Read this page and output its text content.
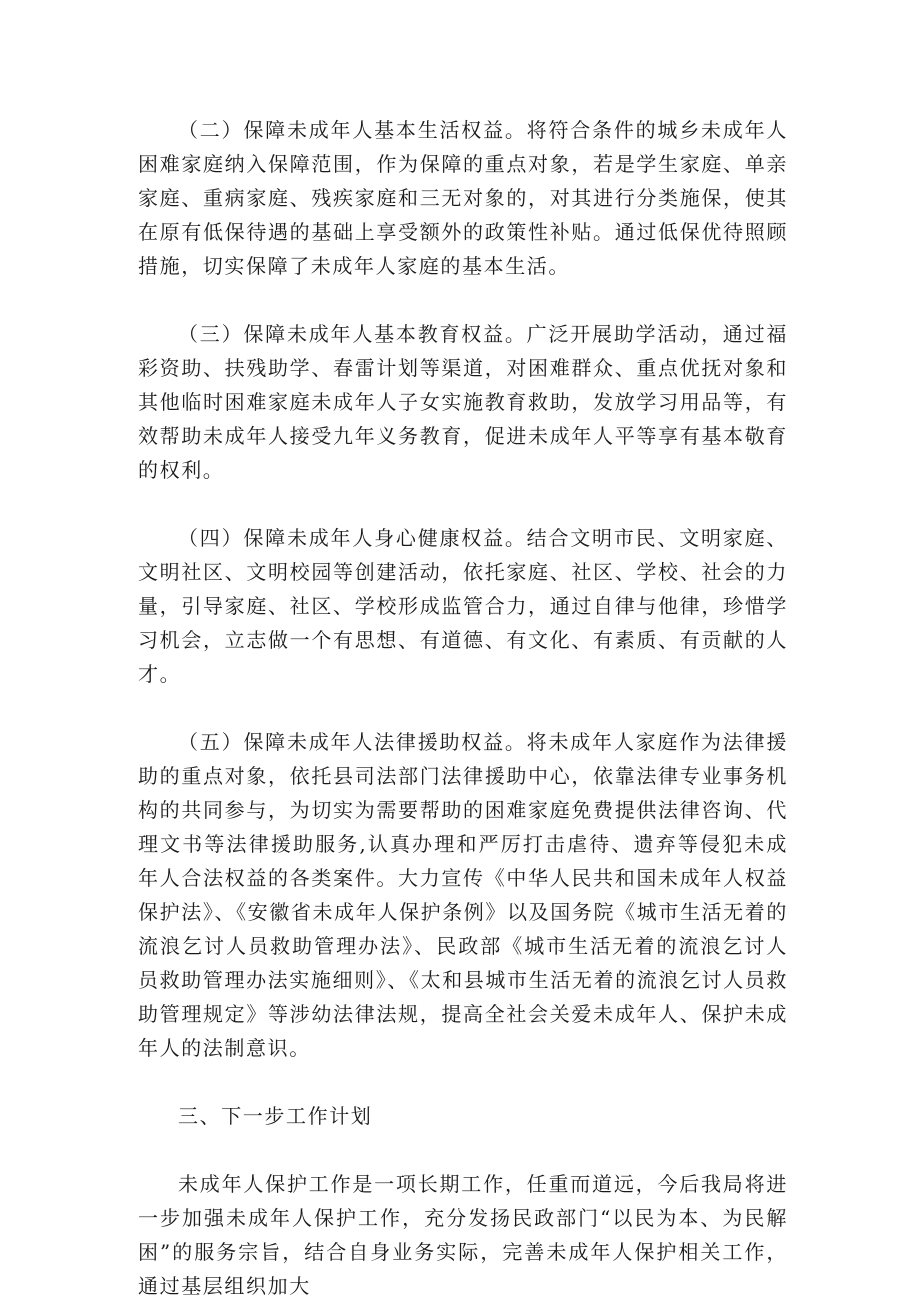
（二）保障未成年人基本生活权益。将符合条件的城乡未成年人困难家庭纳入保障范围，作为保障的重点对象，若是学生家庭、单亲家庭、重病家庭、残疾家庭和三无对象的，对其进行分类施保，使其在原有低保待遇的基础上享受额外的政策性补贴。通过低保优待照顾措施，切实保障了未成年人家庭的基本生活。

（三）保障未成年人基本教育权益。广泛开展助学活动，通过福彩资助、扶残助学、春雷计划等渠道，对困难群众、重点优抚对象和其他临时困难家庭未成年人子女实施教育救助，发放学习用品等，有效帮助未成年人接受九年义务教育，促进未成年人平等享有基本敬育的权利。

（四）保障未成年人身心健康权益。结合文明市民、文明家庭、文明社区、文明校园等创建活动，依托家庭、社区、学校、社会的力量，引导家庭、社区、学校形成监管合力，通过自律与他律，珍惜学习机会，立志做一个有思想、有道德、有文化、有素质、有贡献的人才。

（五）保障未成年人法律援助权益。将未成年人家庭作为法律援助的重点对象，依托县司法部门法律援助中心，依靠法律专业事务机构的共同参与，为切实为需要帮助的困难家庭免费提供法律咨询、代理文书等法律援助服务,认真办理和严厉打击虐待、遗弃等侵犯未成年人合法权益的各类案件。大力宣传《中华人民共和国未成年人权益保护法》、《安徽省未成年人保护条例》以及国务院《城市生活无着的流浪乞讨人员救助管理办法》、民政部《城市生活无着的流浪乞讨人员救助管理办法实施细则》、《太和县城市生活无着的流浪乞讨人员救助管理规定》等涉幼法律法规，提高全社会关爱未成年人、保护未成年人的法制意识。

三、下一步工作计划

未成年人保护工作是一项长期工作，任重而道远，今后我局将进一步加强未成年人保护工作，充分发扬民政部门“以民为本、为民解困”的服务宗旨，结合自身业务实际，完善未成年人保护相关工作，通过基层组织加大
